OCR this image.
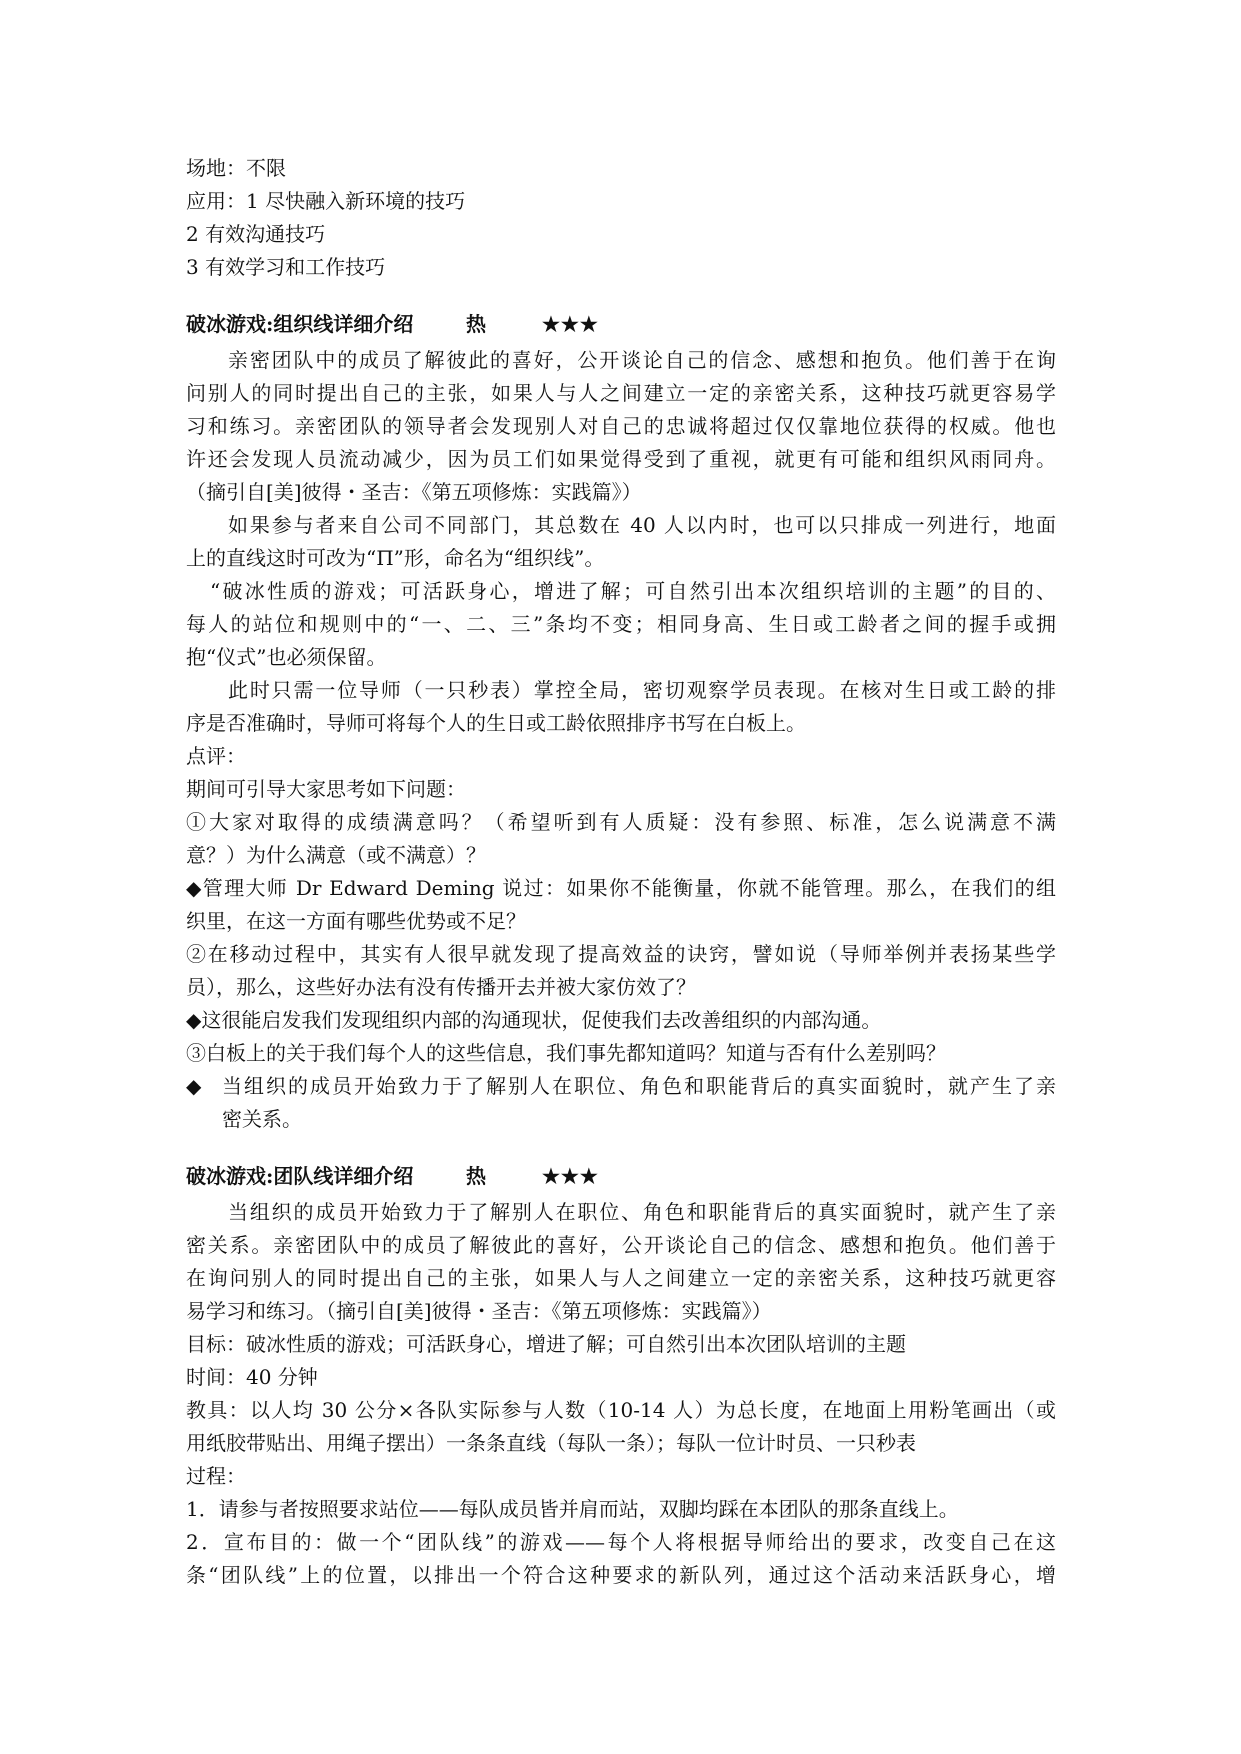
场地：不限
应用：1 尽快融入新环境的技巧
2 有效沟通技巧
3 有效学习和工作技巧
破冰游戏:组织线详细介绍	热	★★★
亲密团队中的成员了解彼此的喜好，公开谈论自己的信念、感想和抱负。他们善于在询
问别人的同时提出自己的主张，如果人与人之间建立一定的亲密关系，这种技巧就更容易学
习和练习。亲密团队的领导者会发现别人对自己的忠诚将超过仅仅靠地位获得的权威。他也
许还会发现人员流动减少，因为员工们如果觉得受到了重视，就更有可能和组织风雨同舟。
（摘引自[美]彼得・圣吉：《第五项修炼：实践篇》）
如果参与者来自公司不同部门，其总数在 40 人以内时，也可以只排成一列进行，地面
上的直线这时可改为“Π”形，命名为“组织线”。
“破冰性质的游戏；可活跃身心，增进了解；可自然引出本次组织培训的主题”的目的、
每人的站位和规则中的“一、二、三”条均不变；相同身高、生日或工龄者之间的握手或拥
抱“仪式”也必须保留。
此时只需一位导师（一只秒表）掌控全局，密切观察学员表现。在核对生日或工龄的排
序是否准确时，导师可将每个人的生日或工龄依照排序书写在白板上。
点评：
期间可引导大家思考如下问题：
①大家对取得的成绩满意吗？（希望听到有人质疑：没有参照、标准，怎么说满意不满
意？）为什么满意（或不满意）？
◆管理大师 Dr Edward Deming 说过：如果你不能衡量，你就不能管理。那么，在我们的组
织里，在这一方面有哪些优势或不足？
②在移动过程中，其实有人很早就发现了提高效益的诀窍，譬如说（导师举例并表扬某些学
员），那么，这些好办法有没有传播开去并被大家仿效了？
◆这很能启发我们发现组织内部的沟通现状，促使我们去改善组织的内部沟通。
③白板上的关于我们每个人的这些信息，我们事先都知道吗？知道与否有什么差别吗？
◆	当组织的成员开始致力于了解别人在职位、角色和职能背后的真实面貌时，就产生了亲
密关系。
破冰游戏:团队线详细介绍	热	★★★
当组织的成员开始致力于了解别人在职位、角色和职能背后的真实面貌时，就产生了亲
密关系。亲密团队中的成员了解彼此的喜好，公开谈论自己的信念、感想和抱负。他们善于
在询问别人的同时提出自己的主张，如果人与人之间建立一定的亲密关系，这种技巧就更容
易学习和练习。（摘引自[美]彼得・圣吉：《第五项修炼：实践篇》）
目标：破冰性质的游戏；可活跃身心，增进了解；可自然引出本次团队培训的主题
时间：40 分钟
教具：以人均 30 公分×各队实际参与人数（10-14 人）为总长度，在地面上用粉笔画出（或
用纸胶带贴出、用绳子摆出）一条条直线（每队一条）；每队一位计时员、一只秒表
过程：
1．请参与者按照要求站位——每队成员皆并肩而站，双脚均踩在本团队的那条直线上。
2．宣布目的：做一个“团队线”的游戏——每个人将根据导师给出的要求，改变自己在这
条“团队线”上的位置，以排出一个符合这种要求的新队列，通过这个活动来活跃身心，增
